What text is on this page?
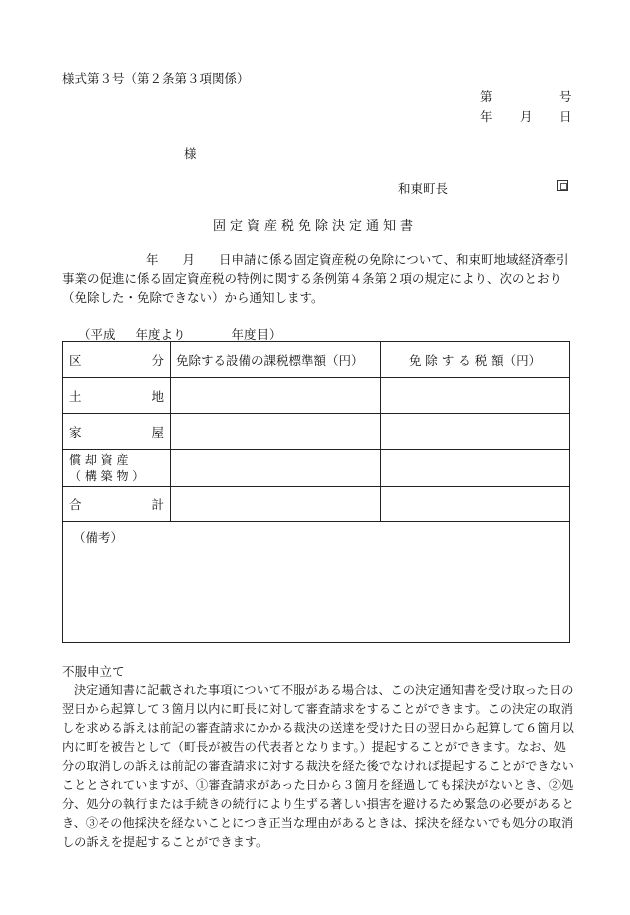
様式第３号（第２条第３項関係）
第	号
年 月 日
様
和東町長
固定資産税免除決定通知書
年 月 日申請に係る固定資産税の免除について、和束町地域経済牽引事業の促進に係る固定資産税の特例に関する条例第４条第２項の規定により、次のとおり（免除した・免除できない）から通知します。
（平成 年度より	年度目）
区 分	免除する設備の課税標準額（円）	免 除 す る 税 額（円）

土 地		

家 屋		

償 却 資 産
（ 構 築 物 ）		

合 計		

（備考）		
不服申立て

決定通知書に記載された事項について不服がある場合は、この決定通知書を受け取った日の翌日から起算して３箇月以内に町長に対して審査請求をすることができます。この決定の取消しを求める訴えは前記の審査請求にかかる裁決の送達を受けた日の翌日から起算して６箇月以内に町を被告として（町長が被告の代表者となります。）提起することができます。なお、処分の取消しの訴えは前記の審査請求に対する裁決を経た後でなければ提起することができないこととされていますが、①審査請求があった日から３箇月を経過しても採決がないとき、②処分、処分の執行または手続きの続行により生ずる著しい損害を避けるため緊急の必要があるとき、③その他採決を経ないことにつき正当な理由があるときは、採決を経ないでも処分の取消しの訴えを提起することができます。
